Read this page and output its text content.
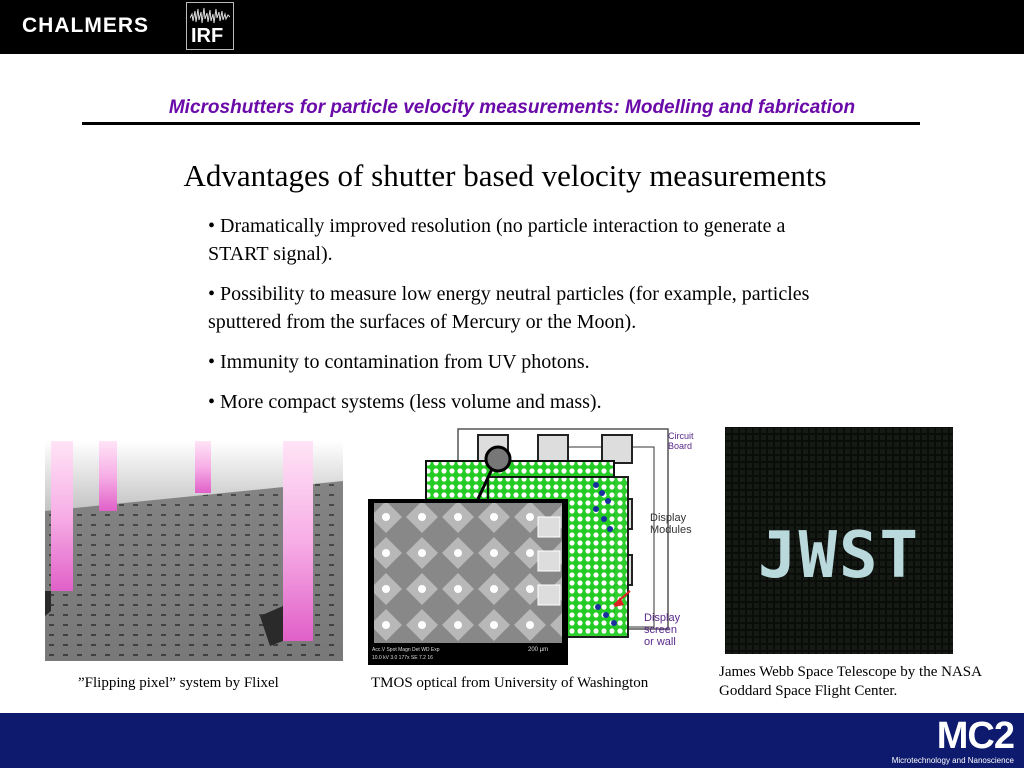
CHALMERS IRF
Microshutters for particle velocity measurements: Modelling and fabrication
Advantages of shutter based velocity measurements

• Dramatically improved resolution (no particle interaction to generate a START signal).

• Possibility to measure low energy neutral particles (for example, particles sputtered from the surfaces of Mercury or the Moon).

• Immunity to contamination from UV photons.

• More compact systems (less volume and mass).

Acc.V Spot Magn Det WD Exp
10.0 kV 3.0 177x SE 7.2 16
200 µm
Circuit
Board
Display
Modules
Display
screen
or wall
JWST
”Flipping pixel” system by Flixel	TMOS optical from University of Washington
James Webb Space Telescope by the NASA Goddard Space Flight Center.
MC2
Microtechnology and Nanoscience
